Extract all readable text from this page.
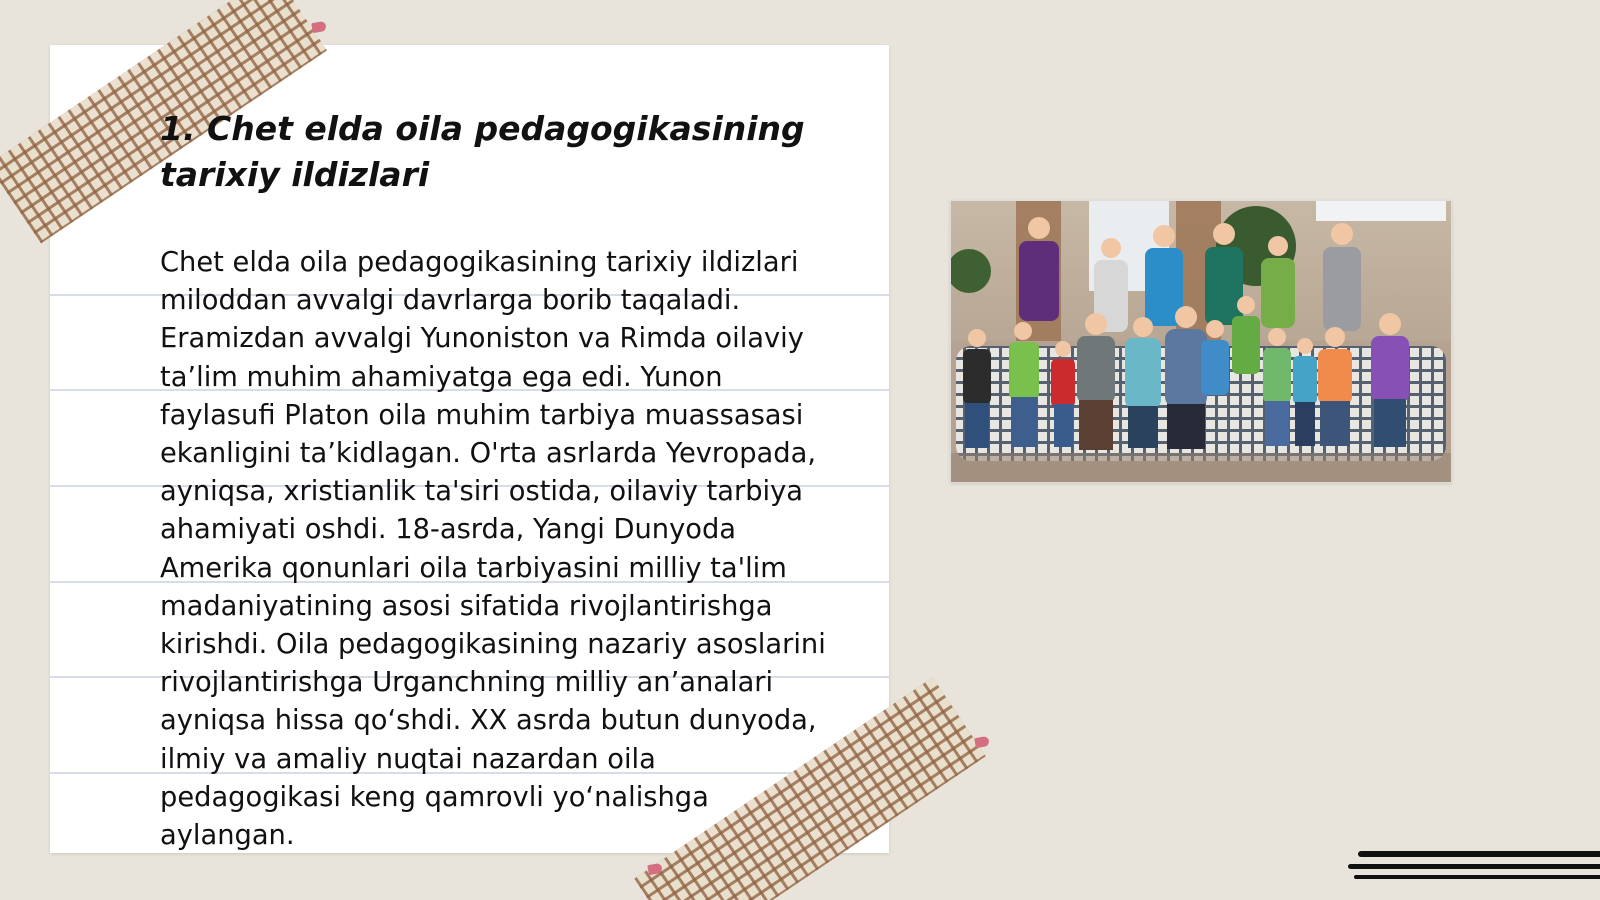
1. Chet elda oila pedagogikasining tarixiy ildizlari

Chet elda oila pedagogikasining tarixiy ildizlari miloddan avvalgi davrlarga borib taqaladi. Eramizdan avvalgi Yunoniston va Rimda oilaviy ta’lim muhim ahamiyatga ega edi. Yunon faylasufi Platon oila muhim tarbiya muassasasi ekanligini ta’kidlagan. O'rta asrlarda Yevropada, ayniqsa, xristianlik ta'siri ostida, oilaviy tarbiya ahamiyati oshdi. 18-asrda, Yangi Dunyoda Amerika qonunlari oila tarbiyasini milliy ta'lim madaniyatining asosi sifatida rivojlantirishga kirishdi. Oila pedagogikasining nazariy asoslarini rivojlantirishga Urganchning milliy an’analari ayniqsa hissa qo‘shdi. XX asrda butun dunyoda, ilmiy va amaliy nuqtai nazardan oila pedagogikasi keng qamrovli yo‘nalishga aylangan.
